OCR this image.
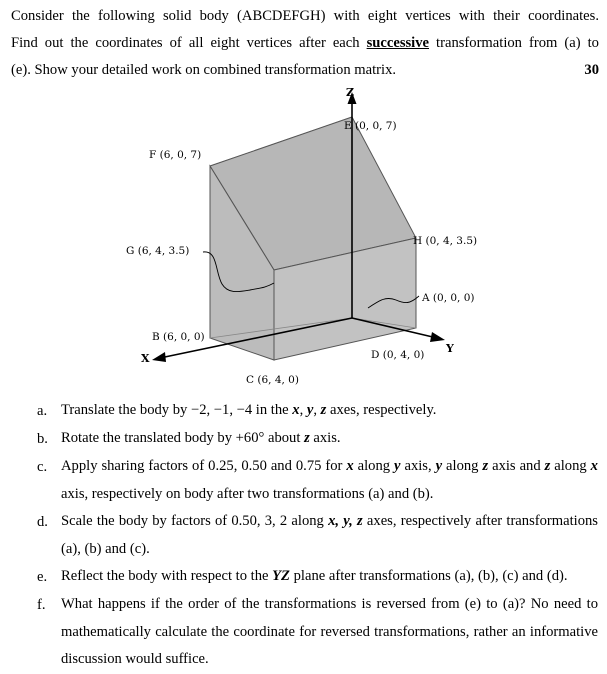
Consider the following solid body (ABCDEFGH) with eight vertices with their coordinates.
Find out the coordinates of all eight vertices after each successive transformation from (a) to
(e). Show your detailed work on combined transformation matrix.	30
Z
X
Y
E (0, 0, 7)
F (6, 0, 7)
G (6, 4, 3.5)
H (0, 4, 3.5)
A (0, 0, 0)
B (6, 0, 0)
D (0, 4, 0)
C (6, 4, 0)
a. Translate the body by −2, −1, −4 in the x, y, z axes, respectively.
b. Rotate the translated body by +60° about z axis.
c. Apply sharing factors of 0.25, 0.50 and 0.75 for x along y axis, y along z axis and z along x axis, respectively on body after two transformations (a) and (b).
d. Scale the body by factors of 0.50, 3, 2 along x, y, z axes, respectively after transformations (a), (b) and (c).
e. Reflect the body with respect to the YZ plane after transformations (a), (b), (c) and (d).
f.	What happens if the order of the transformations is reversed from (e) to (a)? No need to mathematically calculate the coordinate for reversed transformations, rather an informative discussion would suffice.
